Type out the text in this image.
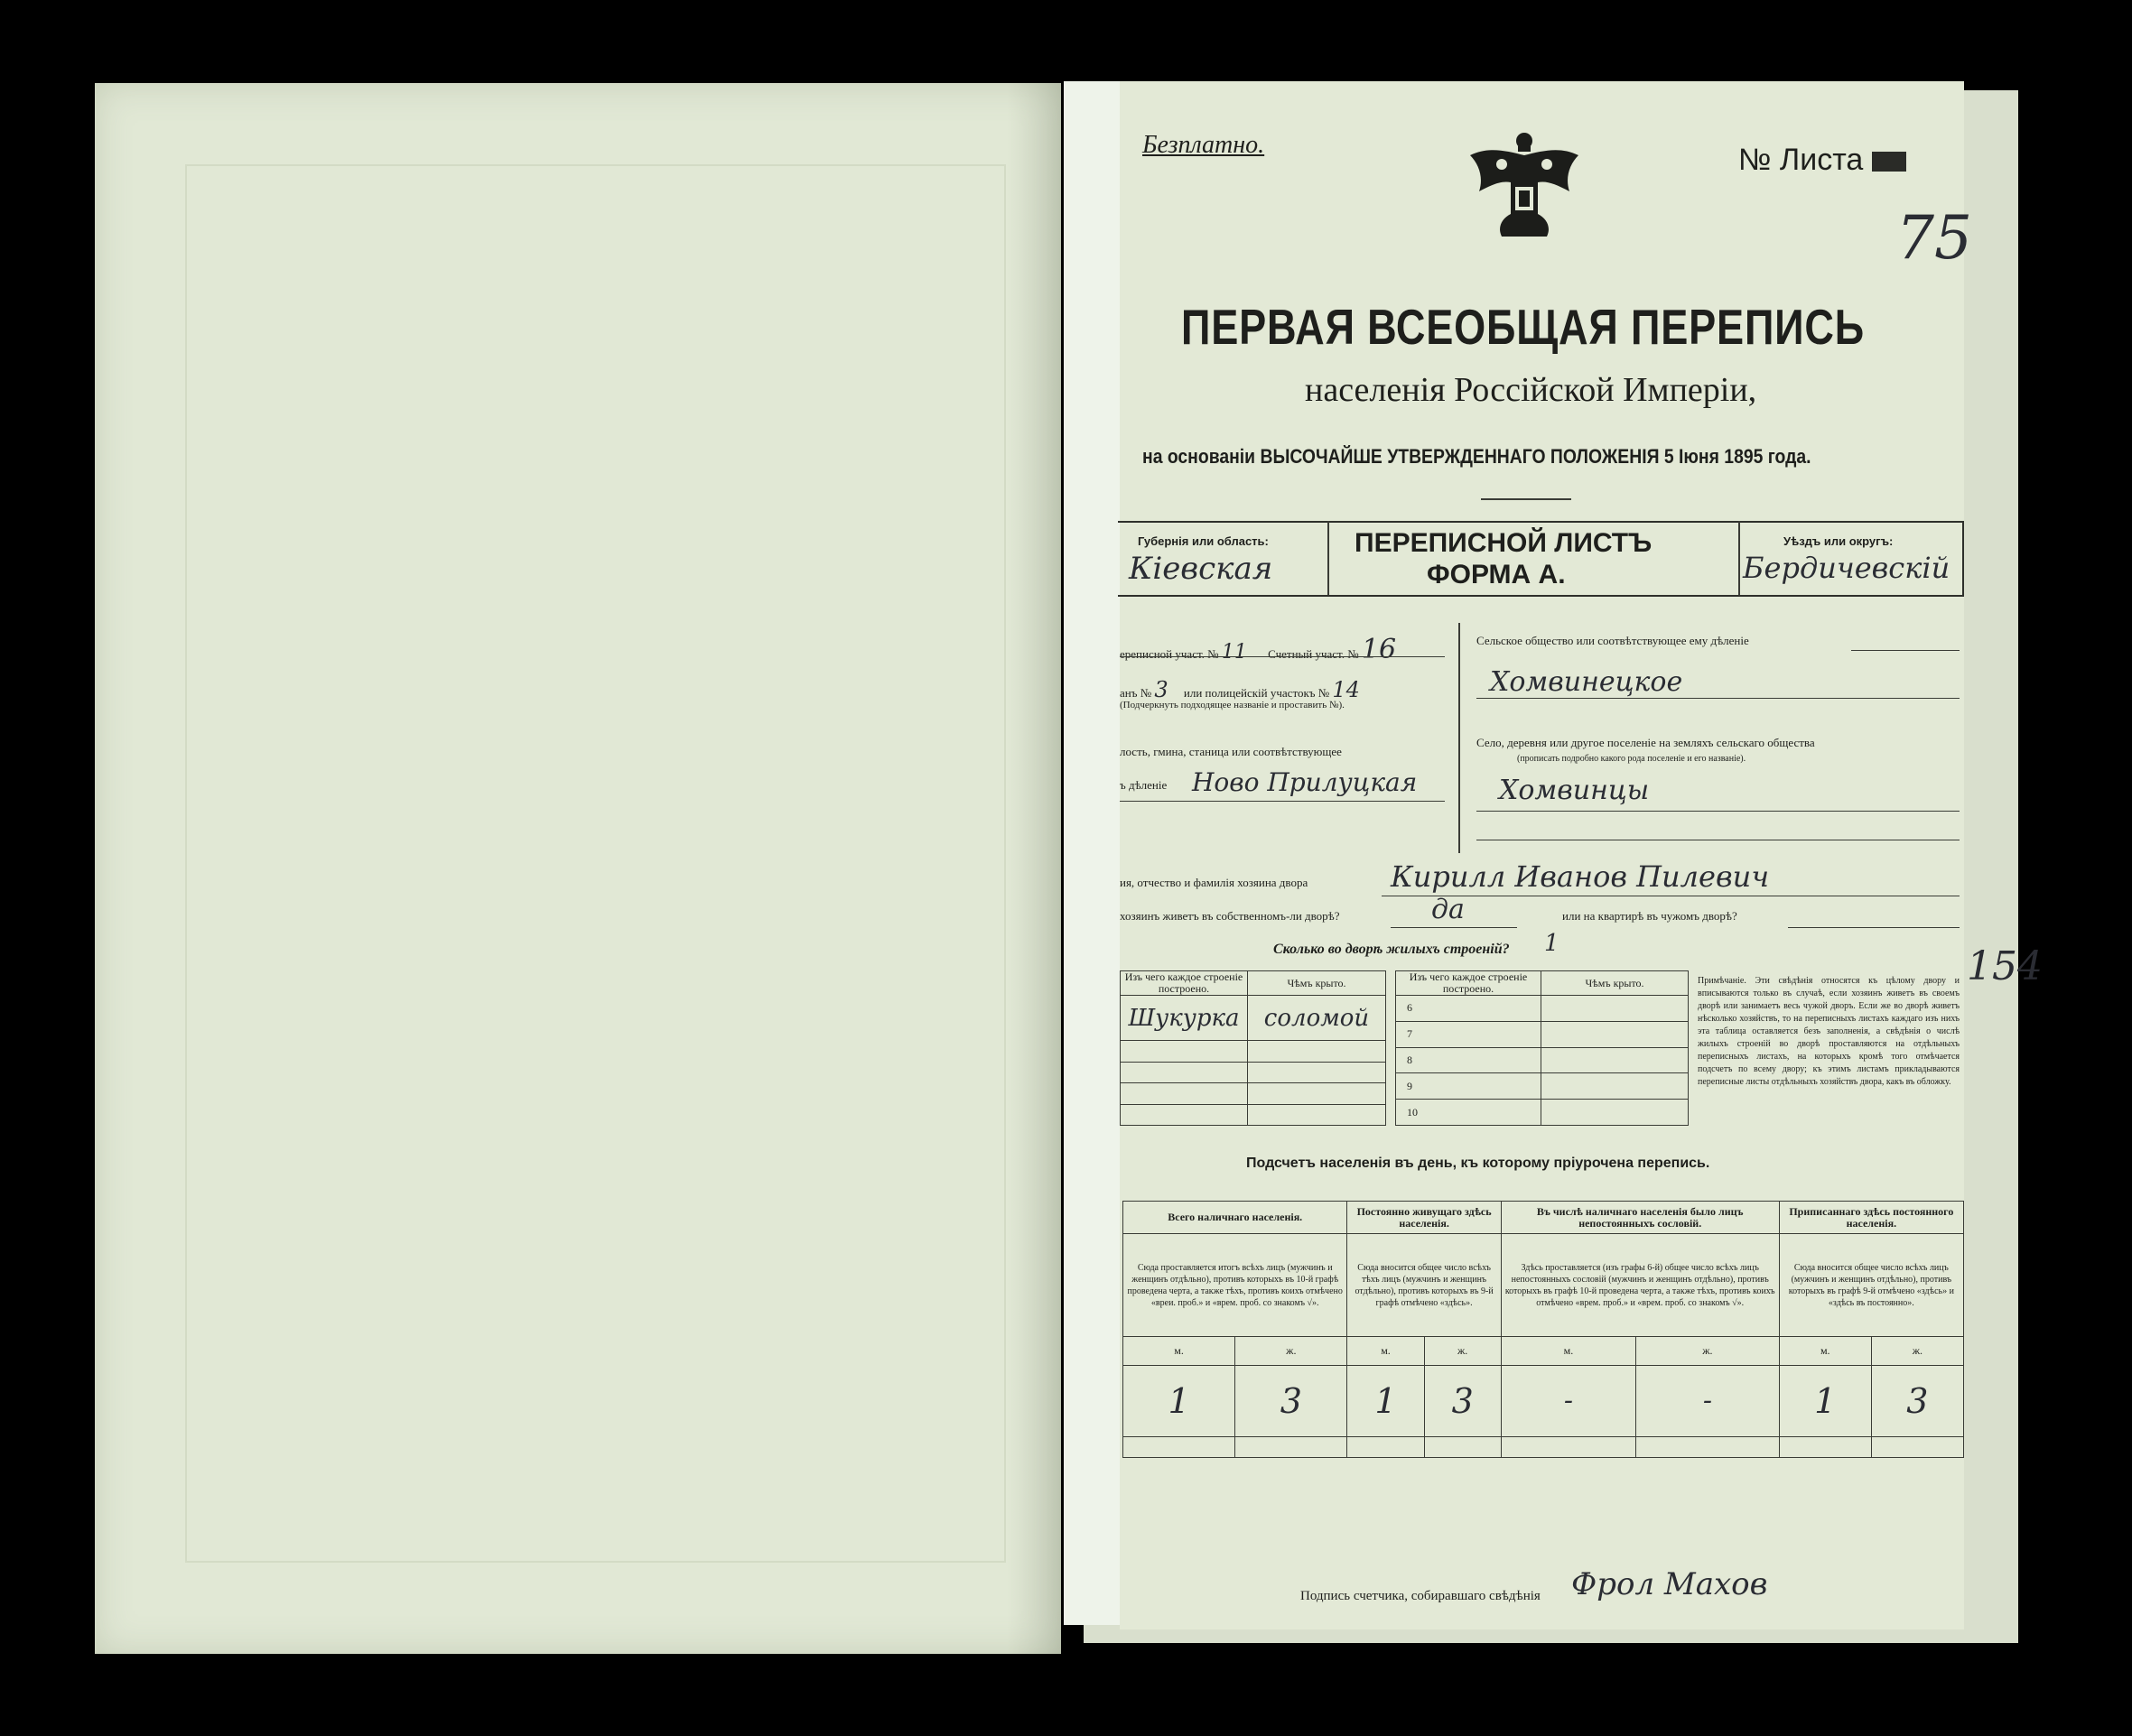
Безплатно.	№ Листа
75
154
ПЕРВАЯ ВСЕОБЩАЯ ПЕРЕПИСЬ
населенія Россійской Имперіи,
на основаніи ВЫСОЧАЙШЕ УТВЕРЖДЕННАГО ПОЛОЖЕНІЯ 5 Іюня 1895 года.
Губернія или область:
Кіевская
ПЕРЕПИСНОЙ ЛИСТЪ
ФОРМА А.
Уѣздъ или округъ:
Бердичевскій
ереписной участ. № 11 Счетный участ. № 16
анъ № 3 или полицейскій участокъ № 14
(Подчеркнуть подходящее названіе и проставить №).
лость, гмина, станица или соотвѣтствующее
ъ дѣленіе Ново Прилуцкая
Сельское общество или соотвѣтствующее ему дѣленіе
Хомвинецкое
Село, деревня или другое поселеніе на земляхъ сельскаго общества
(прописать подробно какого рода поселеніе и его названіе).
Хомвинцы
ия, отчество и фамилія хозяина двора	Кирилл Иванов Пилевич
хозяинъ живетъ въ собственномъ-ли дворѣ?	да	или на квартирѣ въ чужомъ дворѣ?
Сколько во дворѣ жилыхъ строеній? 1
Изъ чего каждое строеніе построено.	Чѣмъ крыто.
Шукурка	соломой

Изъ чего каждое строеніе построено.	Чѣмъ крыто.
6	
7	
8	
9	
10	
Примѣчаніе. Эти свѣдѣнія относятся къ цѣлому двору и вписываются только въ случаѣ, если хозяинъ живетъ въ своемъ дворѣ или занимаетъ весь чужой дворъ. Если же во дворѣ живетъ нѣсколько хозяйствъ, то на переписныхъ листахъ каждаго изъ нихъ эта таблица оставляется безъ заполненія, а свѣдѣнія о числѣ жилыхъ строеній во дворѣ проставляются на отдѣльныхъ переписныхъ листахъ, на которыхъ кромѣ того отмѣчается подсчетъ по всему двору; къ этимъ листамъ прикладываются переписные листы отдѣльныхъ хозяйствъ двора, какъ въ обложку.
Подсчетъ населенія въ день, къ которому пріурочена перепись.
Всего наличнаго населенія.		Постоянно живущаго здѣсь населенія.		Въ числѣ наличнаго населенія было лицъ непостоянныхъ сословій.		Приписаннаго здѣсь постоянного населенія.	
Сюда проставляется итогъ всѣхъ лицъ (мужчинъ и женщинъ отдѣльно), противъ которыхъ въ 10-й графѣ проведена черта, а также тѣхъ, противъ коихъ отмѣчено «вреи. проб.» и «врем. проб. со знакомъ √».		Сюда вносится общее число всѣхъ тѣхъ лицъ (мужчинъ и женщинъ отдѣльно), противъ которыхъ въ 9-й графѣ отмѣчено «здѣсь».		Здѣсь проставляется (изъ графы 6-й) общее число всѣхъ лицъ непостоянныхъ сословій (мужчинъ и женщинъ отдѣльно), противъ которыхъ въ графѣ 10-й проведена черта, а также тѣхъ, противъ коихъ отмѣчено «врем. проб.» и «врем. проб. со знакомъ √».		Сюда вносится общее число всѣхъ лицъ (мужчинъ и женщинъ отдѣльно), противъ которыхъ въ графѣ 9-й отмѣчено «здѣсь» и «здѣсь въ постоянно».	
м.	ж.	м.	ж.	м.	ж.	м.	ж.
1	3	1	3	-	-	1	3

Подпись счетчика, собиравшаго свѣдѣнія Фрол Махов
